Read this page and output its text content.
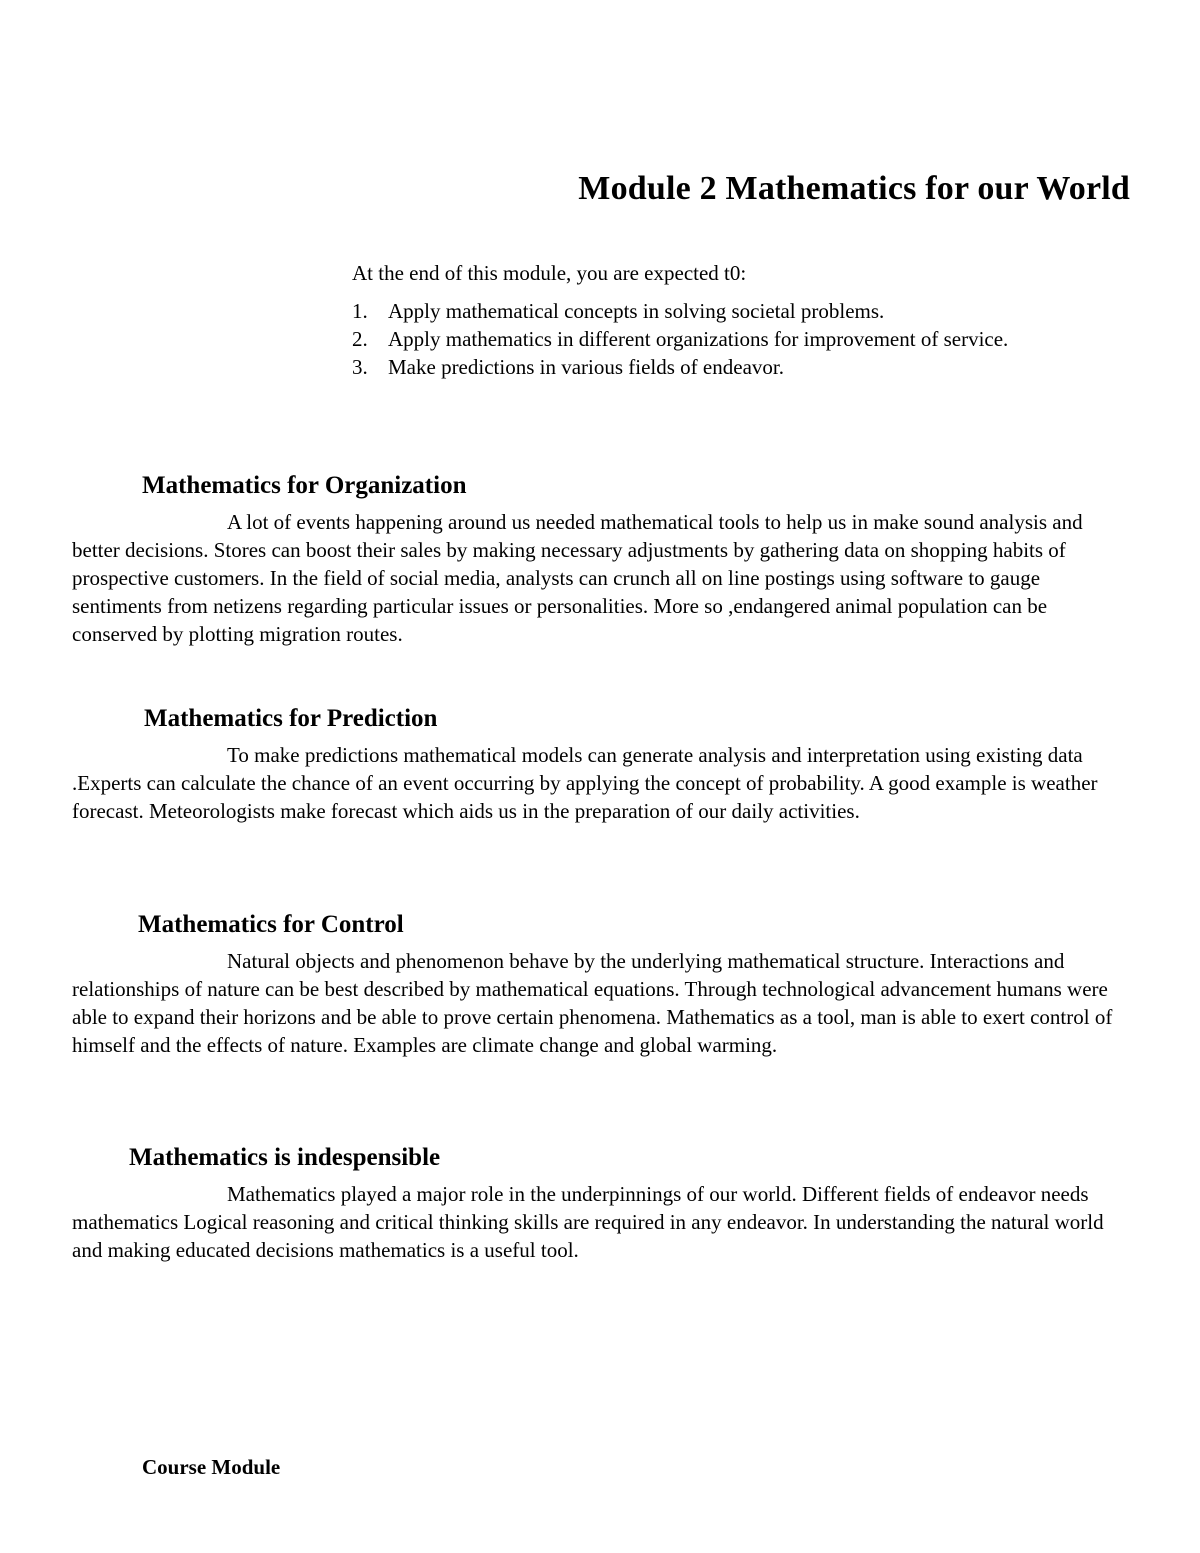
Module 2 Mathematics for our World

At the end of this module, you are expected t0:

1. Apply mathematical concepts in solving societal problems.
2. Apply mathematics in different organizations for improvement of service.
3. Make predictions in various fields of endeavor.
Mathematics for Organization

A lot of events happening around us needed mathematical tools to help us in make sound analysis and better decisions. Stores can boost their sales by making necessary adjustments by gathering data on shopping habits of prospective customers. In the field of social media, analysts can crunch all on line postings using software to gauge sentiments from netizens regarding particular issues or personalities. More so ,endangered animal population can be conserved by plotting migration routes.

Mathematics for Prediction

To make predictions mathematical models can generate analysis and interpretation using existing data .Experts can calculate the chance of an event occurring by applying the concept of probability. A good example is weather forecast. Meteorologists make forecast which aids us in the preparation of our daily activities.

Mathematics for Control

Natural objects and phenomenon behave by the underlying mathematical structure. Interactions and relationships of nature can be best described by mathematical equations. Through technological advancement humans were able to expand their horizons and be able to prove certain phenomena. Mathematics as a tool, man is able to exert control of himself and the effects of nature. Examples are climate change and global warming.

Mathematics is indespensible

Mathematics played a major role in the underpinnings of our world. Different fields of endeavor needs mathematics Logical reasoning and critical thinking skills are required in any endeavor. In understanding the natural world and making educated decisions mathematics is a useful tool.

Course Module
